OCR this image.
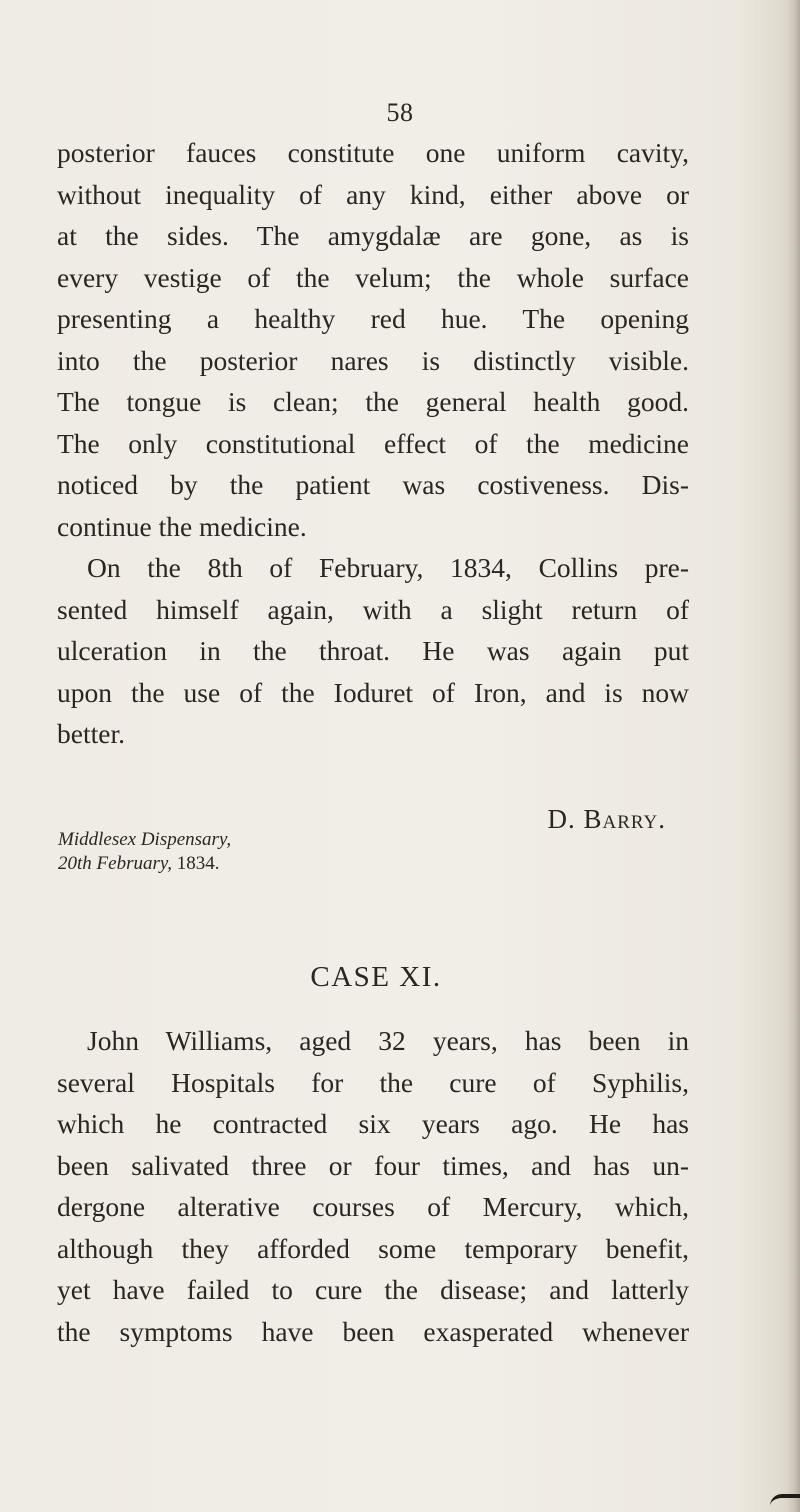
58
posterior fauces constitute one uniform cavity,
without inequality of any kind, either above or
at the sides. The amygdalæ are gone, as is
every vestige of the velum; the whole surface
presenting a healthy red hue. The opening
into the posterior nares is distinctly visible.
The tongue is clean; the general health good.
The only constitutional effect of the medicine
noticed by the patient was costiveness. Dis-
continue the medicine.
On the 8th of February, 1834, Collins pre-
sented himself again, with a slight return of
ulceration in the throat. He was again put
upon the use of the Ioduret of Iron, and is now
better.
D. Barry.
Middlesex Dispensary,
20th February, 1834.
CASE XI.
John Williams, aged 32 years, has been in
several Hospitals for the cure of Syphilis,
which he contracted six years ago. He has
been salivated three or four times, and has un-
dergone alterative courses of Mercury, which,
although they afforded some temporary benefit,
yet have failed to cure the disease; and latterly
the symptoms have been exasperated whenever
